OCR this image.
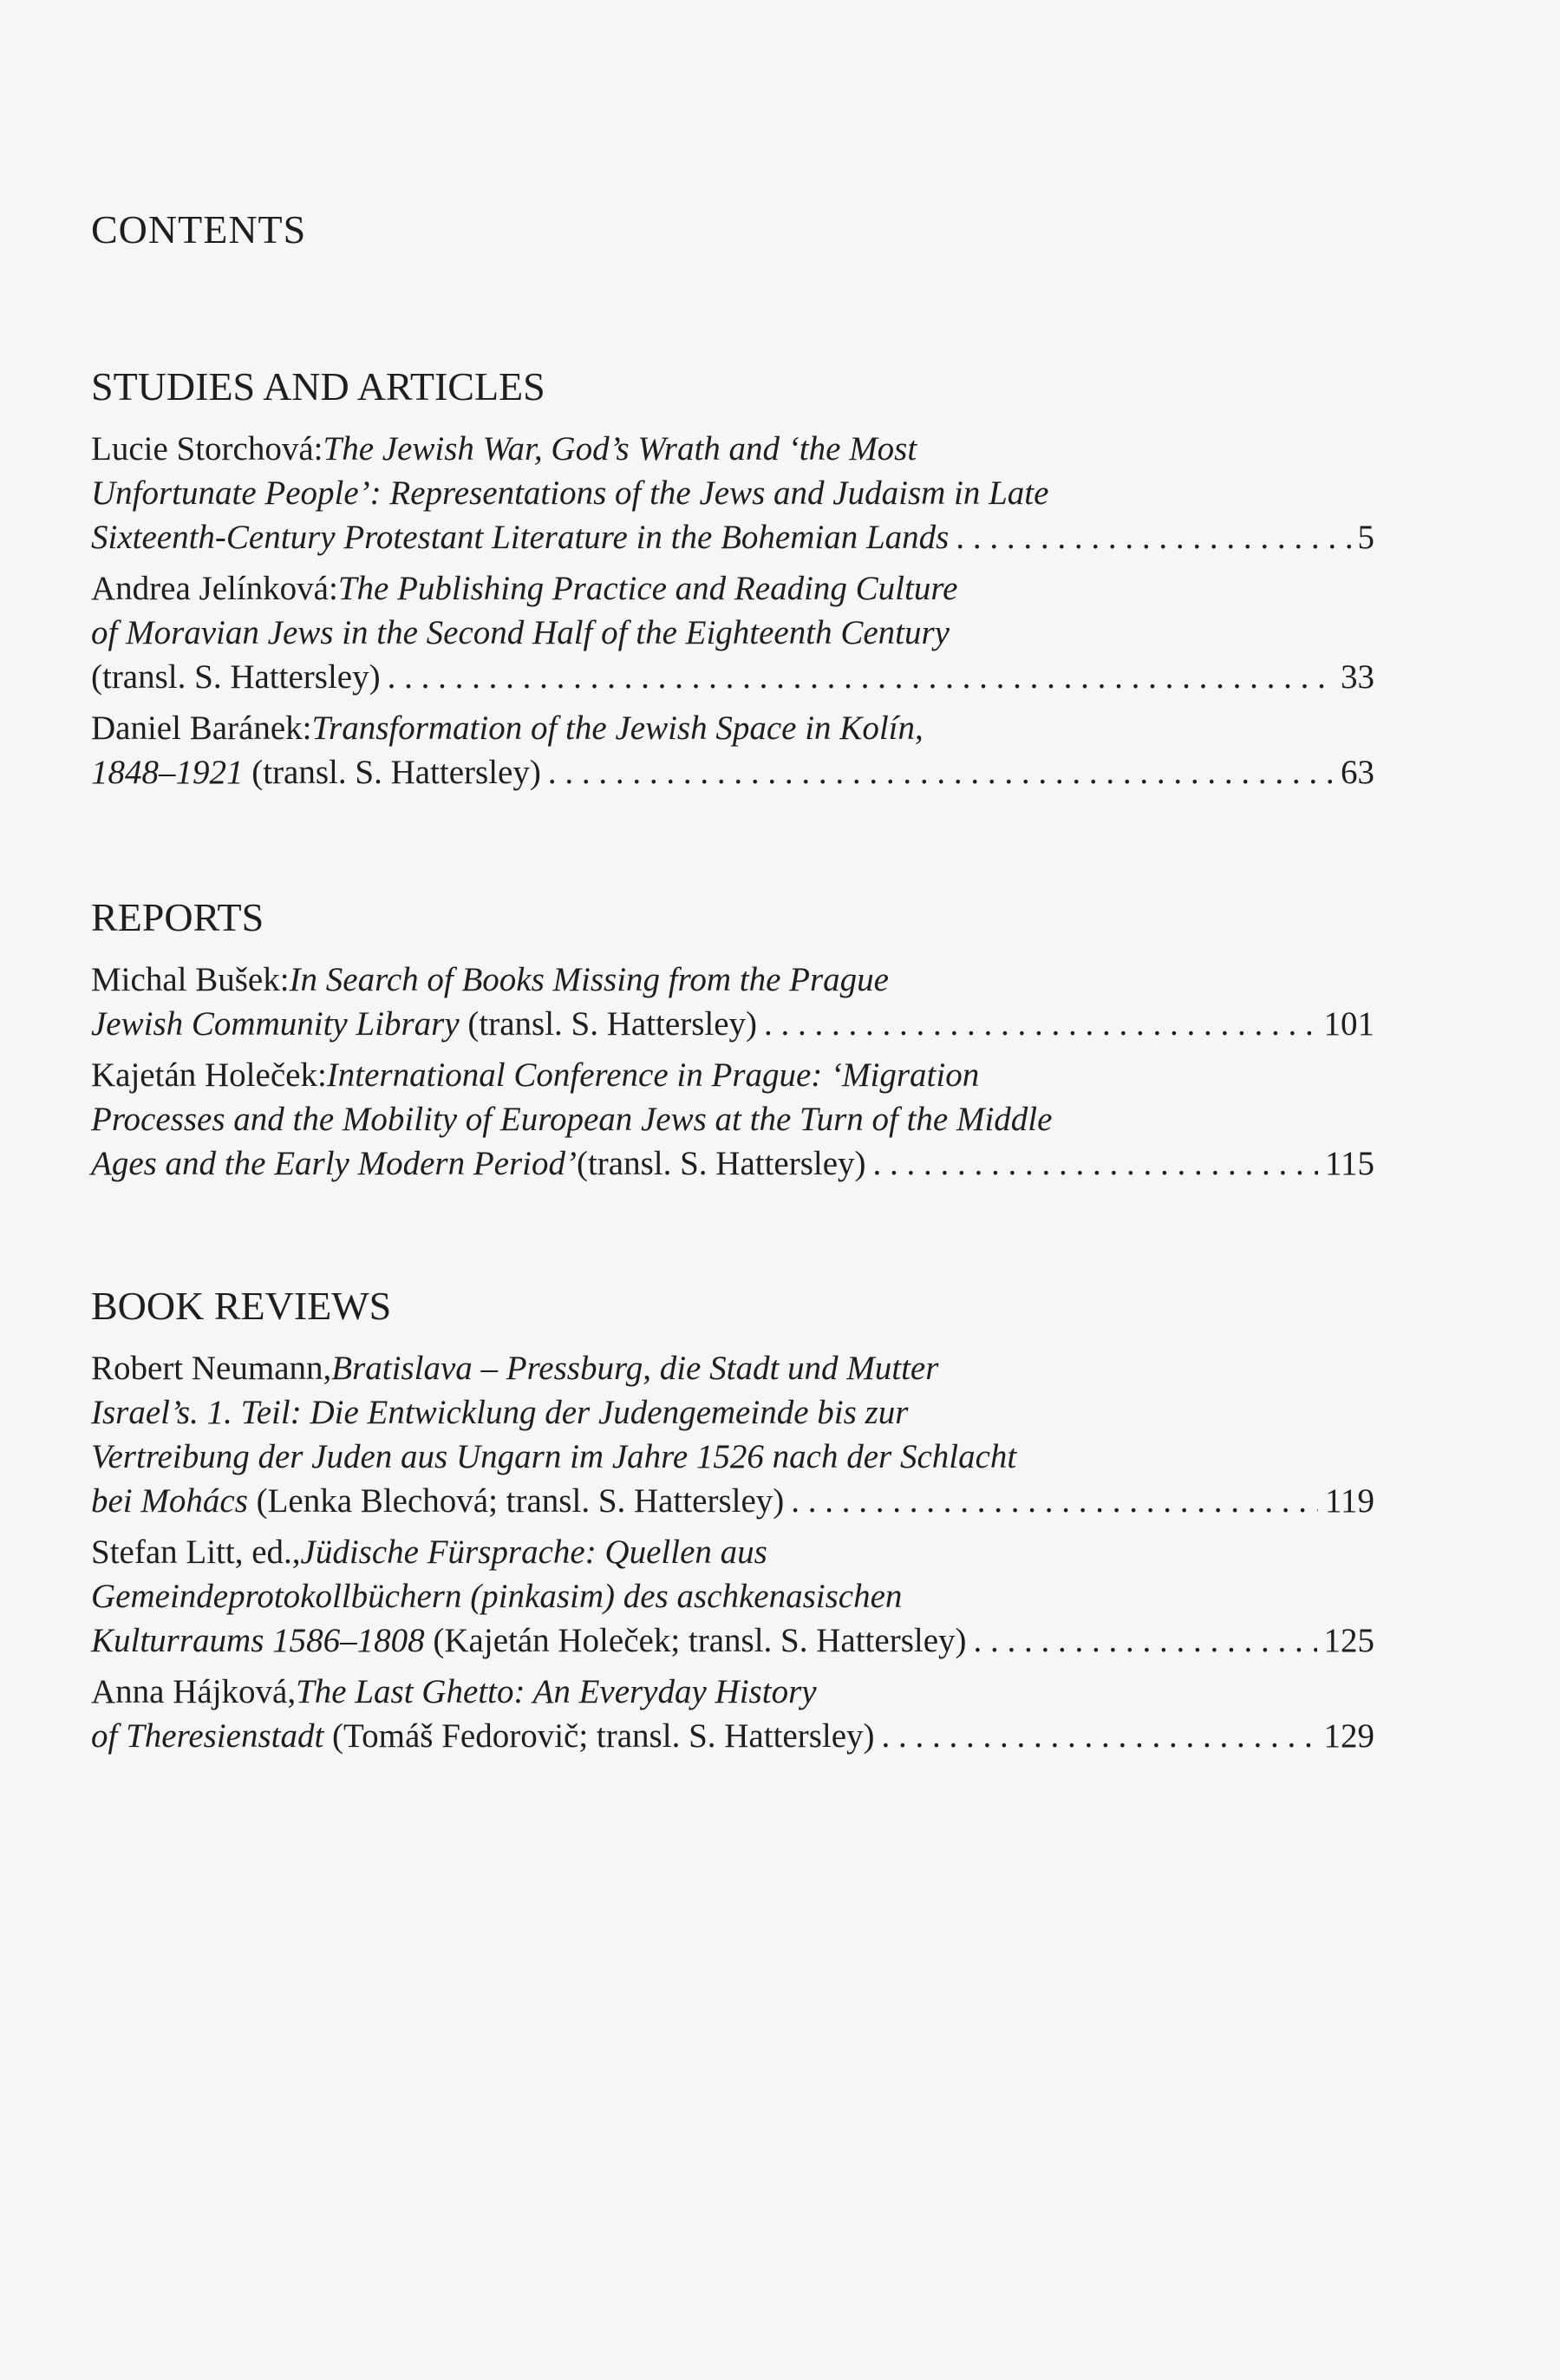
CONTENTS
STUDIES AND ARTICLES
Lucie Storchová: The Jewish War, God’s Wrath and ‘the Most
Unfortunate People’: Representations of the Jews and Judaism in Late
Sixteenth-Century Protestant Literature in the Bohemian Lands . . .	5
Andrea Jelínková: The Publishing Practice and Reading Culture
of Moravian Jews in the Second Half of the Eighteenth Century
(transl. S. Hattersley) . . .	33
Daniel Baránek: Transformation of the Jewish Space in Kolín,
1848–1921 (transl. S. Hattersley) . . .	63
REPORTS
Michal Bušek: In Search of Books Missing from the Prague
Jewish Community Library (transl. S. Hattersley) . . .	101
Kajetán Holeček: International Conference in Prague: ‘Migration
Processes and the Mobility of European Jews at the Turn of the Middle
Ages and the Early Modern Period’(transl. S. Hattersley) . . .	115
BOOK REVIEWS
Robert Neumann, Bratislava – Pressburg, die Stadt und Mutter
Israel’s. 1. Teil: Die Entwicklung der Judengemeinde bis zur
Vertreibung der Juden aus Ungarn im Jahre 1526 nach der Schlacht
bei Mohács (Lenka Blechová; transl. S. Hattersley) . . .	119
Stefan Litt, ed., Jüdische Fürsprache: Quellen aus
Gemeindeprotokollbüchern (pinkasim) des aschkenasischen
Kulturraums 1586–1808 (Kajetán Holeček; transl. S. Hattersley) . . .	125
Anna Hájková, The Last Ghetto: An Everyday History
of Theresienstadt (Tomáš Fedorovič; transl. S. Hattersley) . . .	129
